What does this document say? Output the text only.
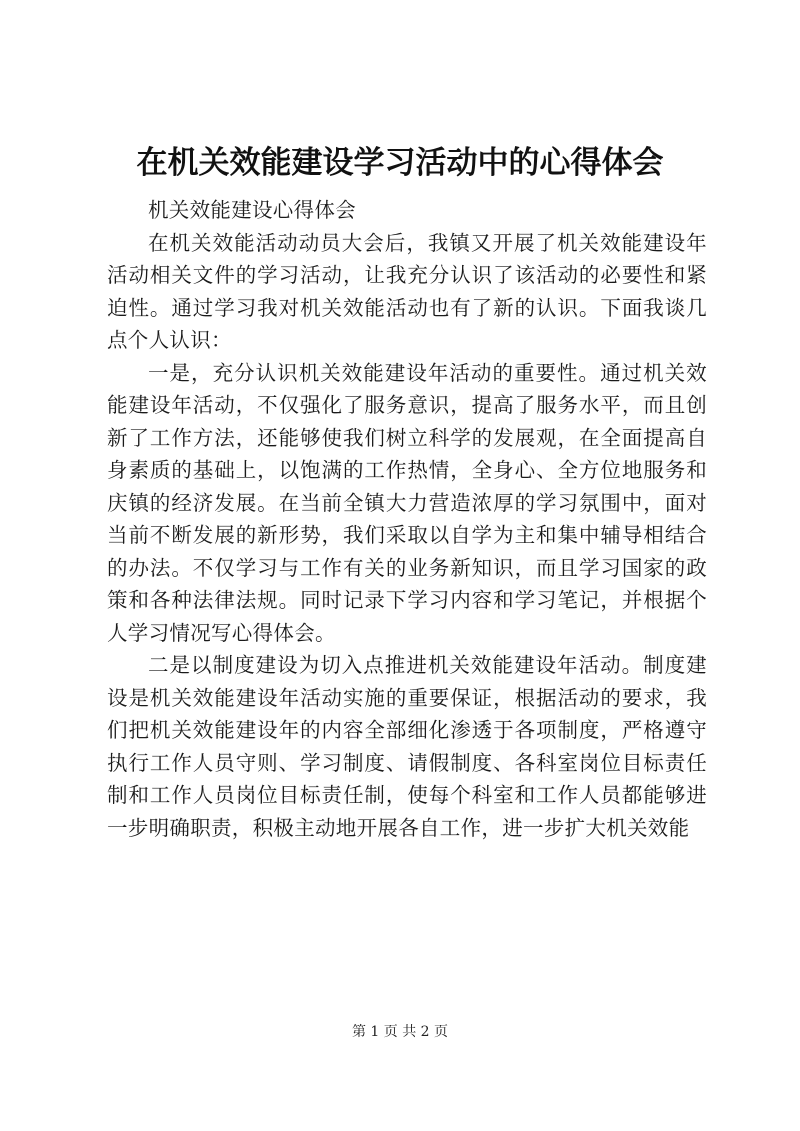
在机关效能建设学习活动中的心得体会

机关效能建设心得体会

在机关效能活动动员大会后，我镇又开展了机关效能建设年活动相关文件的学习活动，让我充分认识了该活动的必要性和紧迫性。通过学习我对机关效能活动也有了新的认识。下面我谈几点个人认识：

一是，充分认识机关效能建设年活动的重要性。通过机关效能建设年活动，不仅强化了服务意识，提高了服务水平，而且创新了工作方法，还能够使我们树立科学的发展观，在全面提高自身素质的基础上，以饱满的工作热情，全身心、全方位地服务和庆镇的经济发展。在当前全镇大力营造浓厚的学习氛围中，面对当前不断发展的新形势，我们采取以自学为主和集中辅导相结合的办法。不仅学习与工作有关的业务新知识，而且学习国家的政策和各种法律法规。同时记录下学习内容和学习笔记，并根据个人学习情况写心得体会。

二是以制度建设为切入点推进机关效能建设年活动。制度建设是机关效能建设年活动实施的重要保证，根据活动的要求，我们把机关效能建设年的内容全部细化渗透于各项制度，严格遵守执行工作人员守则、学习制度、请假制度、各科室岗位目标责任制和工作人员岗位目标责任制，使每个科室和工作人员都能够进一步明确职责，积极主动地开展各自工作，进一步扩大机关效能

第 1 页 共 2 页
